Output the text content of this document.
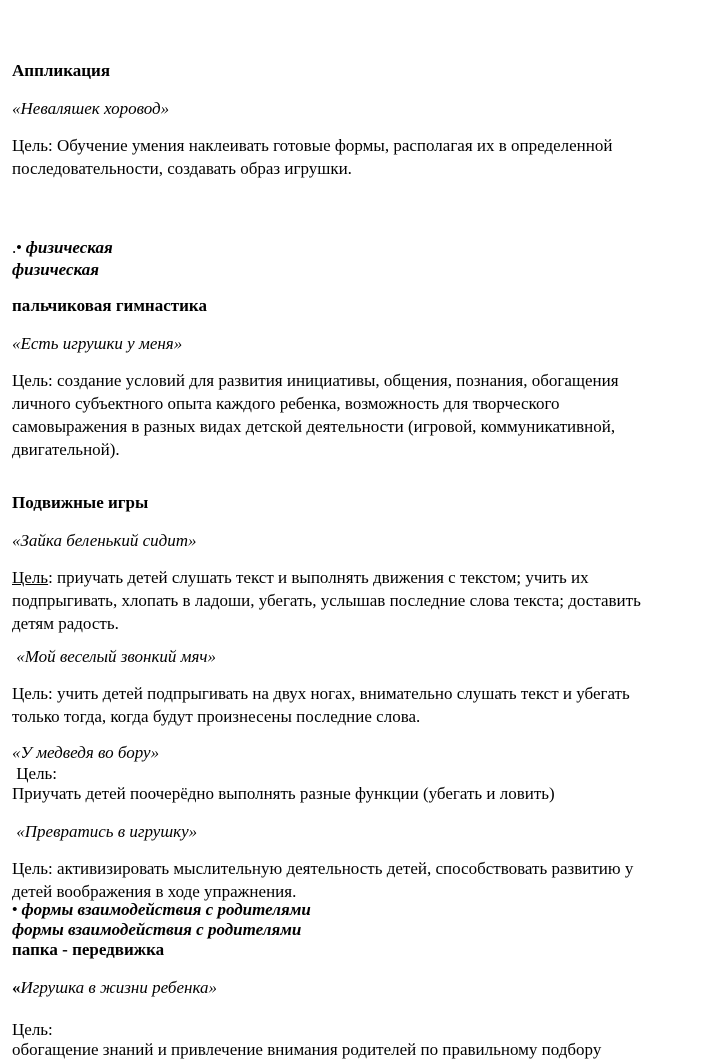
Аппликация
«Неваляшек хоровод»
Цель: Обучение умения наклеивать готовые формы, располагая их в определенной последовательности, создавать образ игрушки.
.• физическая
физическая
пальчиковая гимнастика
«Есть игрушки у меня»
Цель: создание условий для развития инициативы, общения, познания, обогащения личного субъектного опыта каждого ребенка, возможность для творческого самовыражения в разных видах детской деятельности (игровой, коммуникативной, двигательной).
Подвижные игры
«Зайка беленький сидит»
Цель: приучать детей слушать текст и выполнять движения с текстом; учить их подпрыгивать, хлопать в ладоши, убегать, услышав последние слова текста; доставить детям радость.
«Мой веселый звонкий мяч»
Цель: учить детей подпрыгивать на двух ногах, внимательно слушать текст и убегать только тогда, когда будут произнесены последние слова.
«У медведя во бору»
Цель:
Приучать детей поочерёдно выполнять разные функции (убегать и ловить)
«Превратись в игрушку»
Цель: активизировать мыслительную деятельность детей, способствовать развитию у детей воображения в ходе упражнения.
• формы взаимодействия с родителями
формы взаимодействия с родителями
папка - передвижка
«Игрушка в жизни ребенка»
Цель:
обогащение знаний и привлечение внимания родителей по правильному подбору
